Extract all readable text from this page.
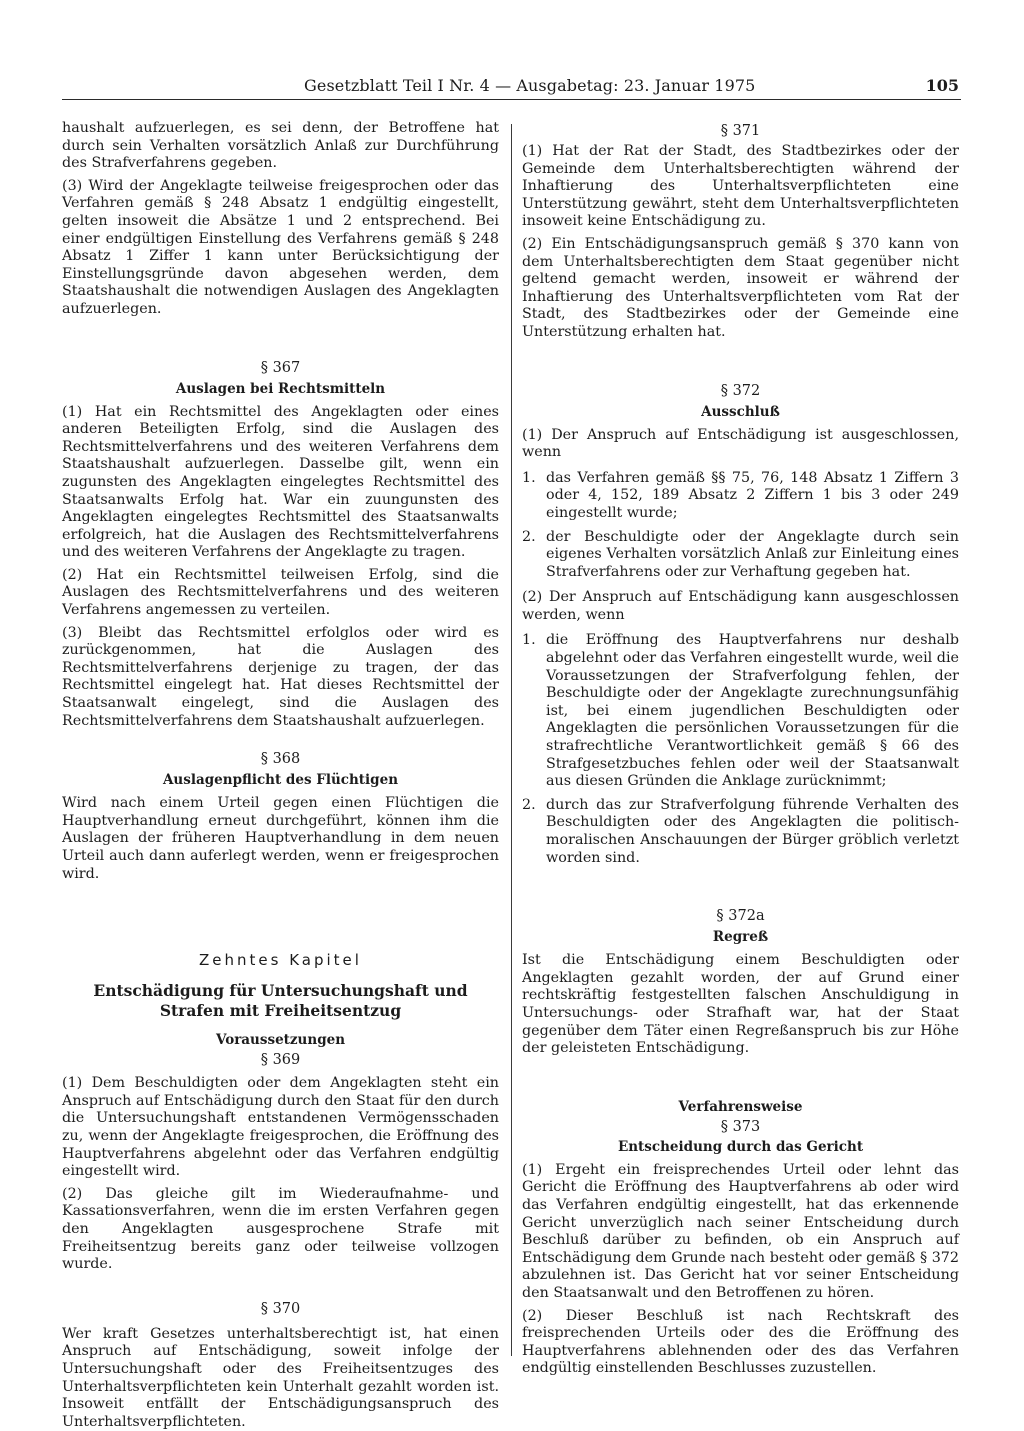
Gesetzblatt Teil I Nr. 4 — Ausgabetag: 23. Januar 1975	105

haushalt aufzuerlegen, es sei denn, der Betroffene hat durch sein Verhalten vorsätzlich Anlaß zur Durchführung des Strafverfahrens gegeben.

(3) Wird der Angeklagte teilweise freigesprochen oder das Verfahren gemäß § 248 Absatz 1 endgültig eingestellt, gelten insoweit die Absätze 1 und 2 entsprechend. Bei einer endgültigen Einstellung des Verfahrens gemäß § 248 Absatz 1 Ziffer 1 kann unter Berücksichtigung der Einstellungsgründe davon abgesehen werden, dem Staatshaushalt die notwendigen Auslagen des Angeklagten aufzuerlegen.

§ 367
Auslagen bei Rechtsmitteln

(1) Hat ein Rechtsmittel des Angeklagten oder eines anderen Beteiligten Erfolg, sind die Auslagen des Rechtsmittelverfahrens und des weiteren Verfahrens dem Staatshaushalt aufzuerlegen. Dasselbe gilt, wenn ein zugunsten des Angeklagten eingelegtes Rechtsmittel des Staatsanwalts Erfolg hat. War ein zuungunsten des Angeklagten eingelegtes Rechtsmittel des Staatsanwalts erfolgreich, hat die Auslagen des Rechtsmittelverfahrens und des weiteren Verfahrens der Angeklagte zu tragen.

(2) Hat ein Rechtsmittel teilweisen Erfolg, sind die Auslagen des Rechtsmittelverfahrens und des weiteren Verfahrens angemessen zu verteilen.

(3) Bleibt das Rechtsmittel erfolglos oder wird es zurückgenommen, hat die Auslagen des Rechtsmittelverfahrens derjenige zu tragen, der das Rechtsmittel eingelegt hat. Hat dieses Rechtsmittel der Staatsanwalt eingelegt, sind die Auslagen des Rechtsmittelverfahrens dem Staatshaushalt aufzuerlegen.

§ 368
Auslagenpflicht des Flüchtigen

Wird nach einem Urteil gegen einen Flüchtigen die Hauptverhandlung erneut durchgeführt, können ihm die Auslagen der früheren Hauptverhandlung in dem neuen Urteil auch dann auferlegt werden, wenn er freigesprochen wird.

Zehntes Kapitel
Entschädigung für Untersuchungshaft und
Strafen mit Freiheitsentzug
Voraussetzungen
§ 369

(1) Dem Beschuldigten oder dem Angeklagten steht ein Anspruch auf Entschädigung durch den Staat für den durch die Untersuchungshaft entstandenen Vermögensschaden zu, wenn der Angeklagte freigesprochen, die Eröffnung des Hauptverfahrens abgelehnt oder das Verfahren endgültig eingestellt wird.

(2) Das gleiche gilt im Wiederaufnahme- und Kassationsverfahren, wenn die im ersten Verfahren gegen den Angeklagten ausgesprochene Strafe mit Freiheitsentzug bereits ganz oder teilweise vollzogen wurde.

§ 370

Wer kraft Gesetzes unterhaltsberechtigt ist, hat einen Anspruch auf Entschädigung, soweit infolge der Untersuchungshaft oder des Freiheitsentzuges des Unterhaltsverpflichteten kein Unterhalt gezahlt worden ist. Insoweit entfällt der Entschädigungsanspruch des Unterhaltsverpflichteten.

§ 371

(1) Hat der Rat der Stadt, des Stadtbezirkes oder der Gemeinde dem Unterhaltsberechtigten während der Inhaftierung des Unterhaltsverpflichteten eine Unterstützung gewährt, steht dem Unterhaltsverpflichteten insoweit keine Entschädigung zu.

(2) Ein Entschädigungsanspruch gemäß § 370 kann von dem Unterhaltsberechtigten dem Staat gegenüber nicht geltend gemacht werden, insoweit er während der Inhaftierung des Unterhaltsverpflichteten vom Rat der Stadt, des Stadtbezirkes oder der Gemeinde eine Unterstützung erhalten hat.

§ 372
Ausschluß

(1) Der Anspruch auf Entschädigung ist ausgeschlossen, wenn

1. das Verfahren gemäß §§ 75, 76, 148 Absatz 1 Ziffern 3 oder 4, 152, 189 Absatz 2 Ziffern 1 bis 3 oder 249 eingestellt wurde;
2. der Beschuldigte oder der Angeklagte durch sein eigenes Verhalten vorsätzlich Anlaß zur Einleitung eines Strafverfahrens oder zur Verhaftung gegeben hat.

(2) Der Anspruch auf Entschädigung kann ausgeschlossen werden, wenn

1. die Eröffnung des Hauptverfahrens nur deshalb abgelehnt oder das Verfahren eingestellt wurde, weil die Voraussetzungen der Strafverfolgung fehlen, der Beschuldigte oder der Angeklagte zurechnungsunfähig ist, bei einem jugendlichen Beschuldigten oder Angeklagten die persönlichen Voraussetzungen für die strafrechtliche Verantwortlichkeit gemäß § 66 des Strafgesetzbuches fehlen oder weil der Staatsanwalt aus diesen Gründen die Anklage zurücknimmt;
2. durch das zur Strafverfolgung führende Verhalten des Beschuldigten oder des Angeklagten die politisch-moralischen Anschauungen der Bürger gröblich verletzt worden sind.
§ 372a
Regreß

Ist die Entschädigung einem Beschuldigten oder Angeklagten gezahlt worden, der auf Grund einer rechtskräftig festgestellten falschen Anschuldigung in Untersuchungs- oder Strafhaft war, hat der Staat gegenüber dem Täter einen Regreßanspruch bis zur Höhe der geleisteten Entschädigung.

Verfahrensweise
§ 373
Entscheidung durch das Gericht

(1) Ergeht ein freisprechendes Urteil oder lehnt das Gericht die Eröffnung des Hauptverfahrens ab oder wird das Verfahren endgültig eingestellt, hat das erkennende Gericht unverzüglich nach seiner Entscheidung durch Beschluß darüber zu befinden, ob ein Anspruch auf Entschädigung dem Grunde nach besteht oder gemäß § 372 abzulehnen ist. Das Gericht hat vor seiner Entscheidung den Staatsanwalt und den Betroffenen zu hören.

(2) Dieser Beschluß ist nach Rechtskraft des freisprechenden Urteils oder des die Eröffnung des Hauptverfahrens ablehnenden oder des das Verfahren endgültig einstellenden Beschlusses zuzustellen.
